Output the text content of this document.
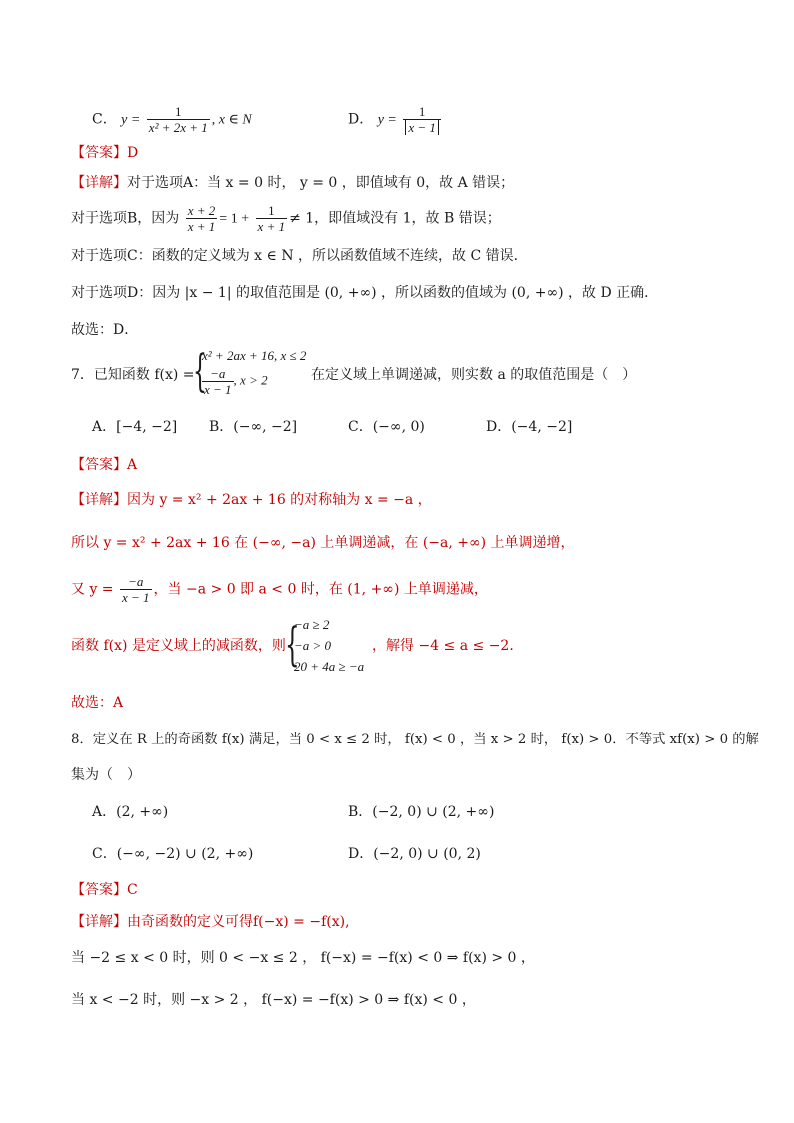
C． $y = \frac{1}{\text{x² + 2x + 1}}$ , x ∈ N	D． $y = \frac{1}{x - 1}$
【答案】D
【详解】对于选项A：当 x = 0 时， y = 0 ，即值域有 0，故 A 错误；
对于选项B，因为 $\frac{x + 2}{x + 1} = 1 + \frac{1}{x + 1} \ne 1$，即值域没有 1，故 B 错误；
对于选项C：函数的定义域为 x ∈ N ，所以函数值域不连续，故 C 错误．
对于选项D：因为 |x − 1| 的取值范围是 (0, +∞) ，所以函数的值域为 (0, +∞) ，故 D 正确．
故选：D．
7．已知函数 f(x) =
{
x² + 2ax + 16, x ≤ 2
$\frac{-a}{x - 1}$ , x > 2	在定义域上单调递减，则实数 a 的取值范围是（　）
A．[−4, −2] B．(−∞, −2]	C．(−∞, 0)	D．(−4, −2]
【答案】A
【详解】因为 y = x² + 2ax + 16 的对称轴为 x = −a ，
所以 y = x² + 2ax + 16 在 (−∞, −a) 上单调递减，在 (−a, +∞) 上单调递增，
又 $y = \frac{-a}{x - 1}$ ，当 −a > 0 即 a < 0 时，在 (1, +∞) 上单调递减，
函数 f(x) 是定义域上的减函数，则 {
−a ≥ 2
−a > 0
20 + 4a ≥ −a
，解得 −4 ≤ a ≤ −2．
故选：A
8．定义在 R 上的奇函数 f(x) 满足，当 0 < x ≤ 2 时， f(x) < 0 ，当 x > 2 时， f(x) > 0．不等式 xf(x) > 0 的解
集为（　）
A．(2, +∞)	B．(−2, 0) ∪ (2, +∞)
C．(−∞, −2) ∪ (2, +∞)	D．(−2, 0) ∪ (0, 2)
【答案】C
【详解】由奇函数的定义可得f(−x) = −f(x),
当 −2 ≤ x < 0 时，则 0 < −x ≤ 2 ， f(−x) = −f(x) < 0 ⇒ f(x) > 0 ，
当 x < −2 时，则 −x > 2 ， f(−x) = −f(x) > 0 ⇒ f(x) < 0 ，
